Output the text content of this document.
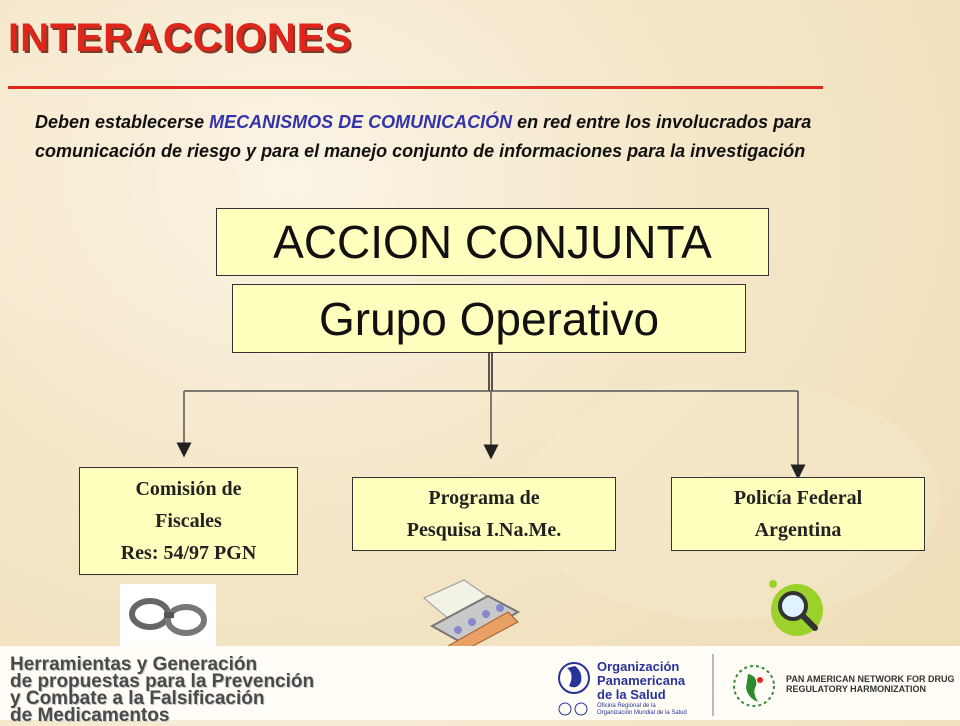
INTERACCIONES
Deben establecerse MECANISMOS DE COMUNICACIÓN en red entre los involucrados para comunicación de riesgo y para el manejo conjunto de informaciones para la investigación
ACCION CONJUNTA
Grupo Operativo
Comisión de
Fiscales
Res: 54/97 PGN
Programa de
Pesquisa I.Na.Me.
Policía Federal
Argentina
Herramientas y Generación
de propuestas para la Prevención
y Combate a la Falsificación
de Medicamentos
Organización
Panamericana
de la Salud
Oficina Regional de la
Organización Mundial de la Salud
PAN AMERICAN NETWORK FOR DRUG
REGULATORY HARMONIZATION
